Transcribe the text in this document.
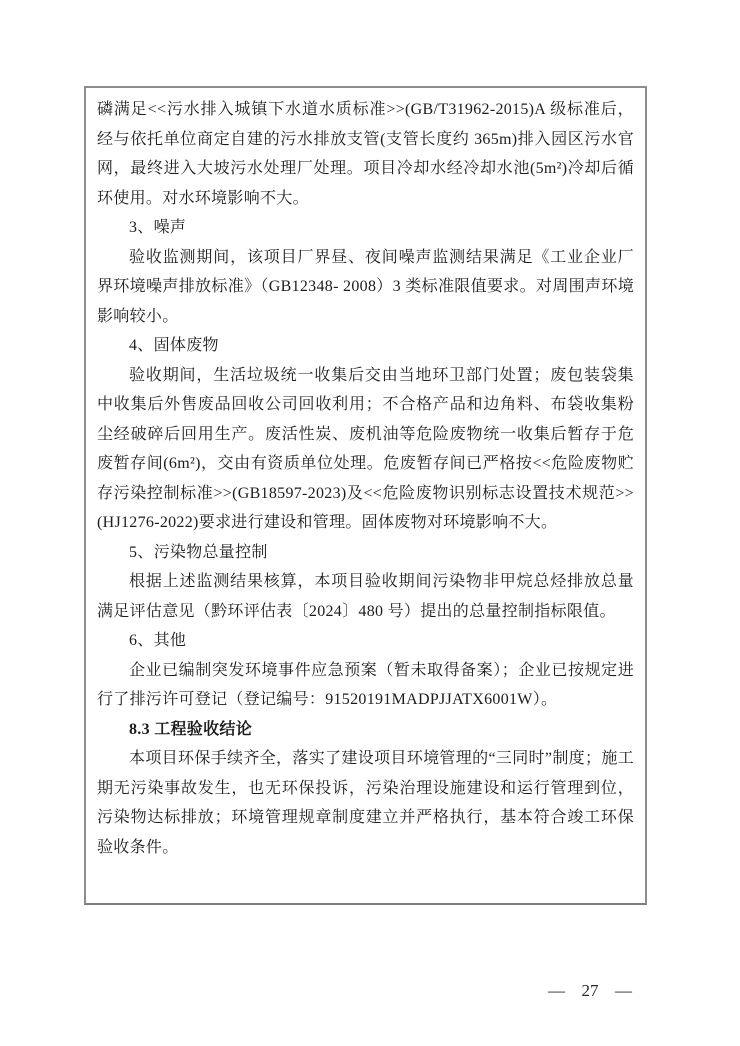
磷满足<<污水排入城镇下水道水质标准>>(GB/T31962-2015)A 级标准后，经与依托单位商定自建的污水排放支管(支管长度约 365m)排入园区污水官网，最终进入大坡污水处理厂处理。项目冷却水经冷却水池(5m²)冷却后循环使用。对水环境影响不大。

3、噪声

验收监测期间，该项目厂界昼、夜间噪声监测结果满足《工业企业厂界环境噪声排放标准》（GB12348- 2008）3 类标准限值要求。对周围声环境影响较小。

4、固体废物

验收期间，生活垃圾统一收集后交由当地环卫部门处置；废包装袋集中收集后外售废品回收公司回收利用；不合格产品和边角料、布袋收集粉尘经破碎后回用生产。废活性炭、废机油等危险废物统一收集后暂存于危废暂存间(6m²)，交由有资质单位处理。危废暂存间已严格按<<危险废物贮存污染控制标准>>(GB18597-2023)及<<危险废物识别标志设置技术规范>>(HJ1276-2022)要求进行建设和管理。固体废物对环境影响不大。

5、污染物总量控制

根据上述监测结果核算，本项目验收期间污染物非甲烷总烃排放总量满足评估意见（黔环评估表〔2024〕480 号）提出的总量控制指标限值。

6、其他

企业已编制突发环境事件应急预案（暂未取得备案）；企业已按规定进行了排污许可登记（登记编号：91520191MADPJJATX6001W）。

8.3 工程验收结论

本项目环保手续齐全，落实了建设项目环境管理的“三同时”制度；施工期无污染事故发生，也无环保投诉，污染治理设施建设和运行管理到位，污染物达标排放；环境管理规章制度建立并严格执行，基本符合竣工环保验收条件。

— 27 —
